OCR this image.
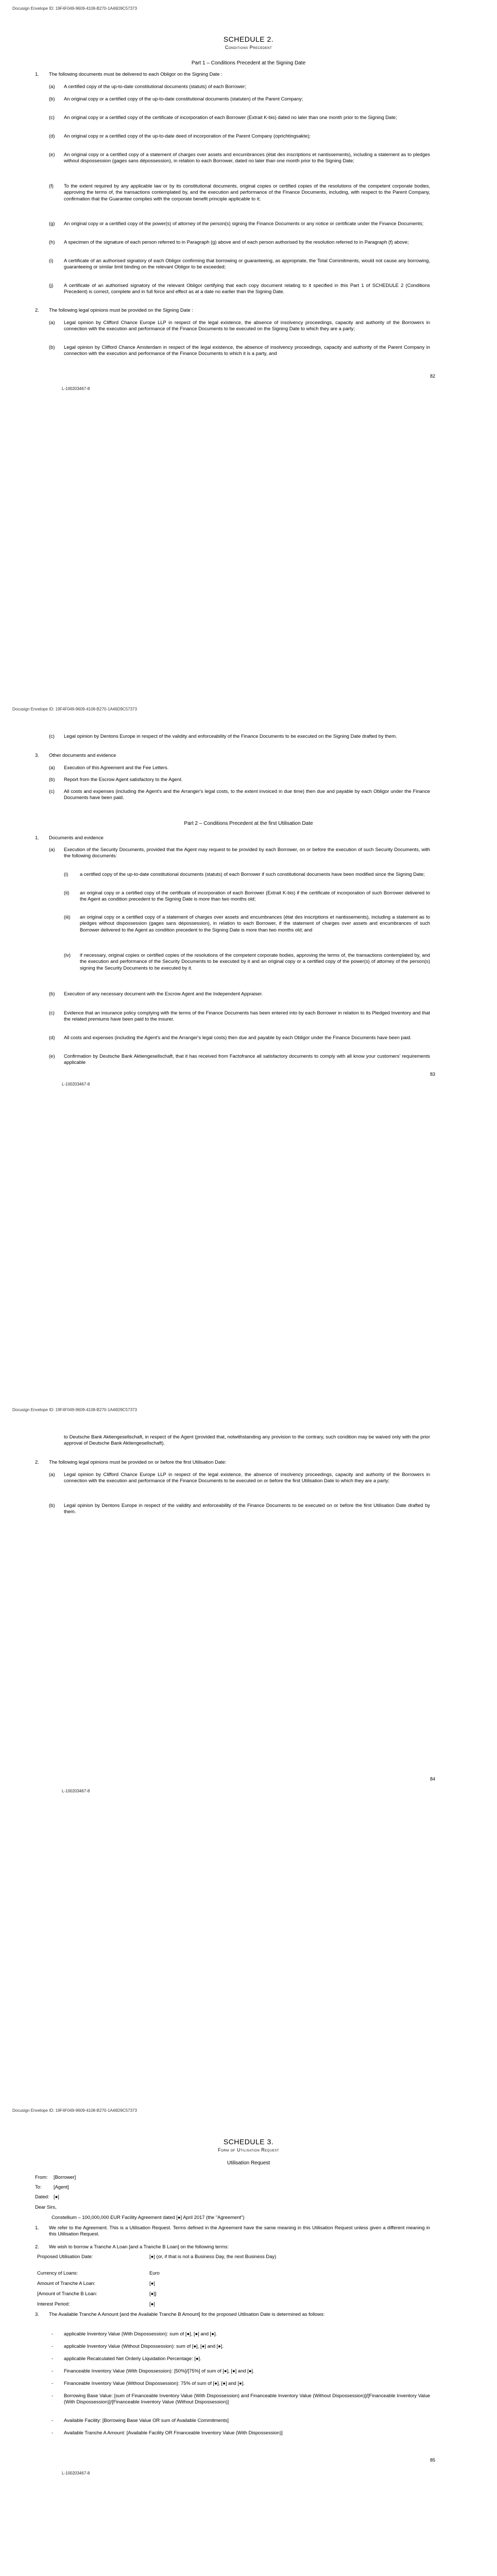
Docusign Envelope ID: 19F4F049-9609-4108-B270-1A46D9C57373
SCHEDULE 2.
Conditions Precedent
Part 1 – Conditions Precedent at the Signing Date
1. The following documents must be delivered to each Obligor on the Signing Date :
(a) A certified copy of the up-to-date constitutional documents (statuts) of each Borrower;
(b) An original copy or a certified copy of the up-to-date constitutional documents (statuten) of the Parent Company;
(c) An original copy or a certified copy of the certificate of incorporation of each Borrower (Extrait K-bis) dated no later than one month prior to the Signing Date;
(d) An original copy or a certified copy of the up-to-date deed of incorporation of the Parent Company (oprichtingsakte);
(e) An original copy or a certified copy of a statement of charges over assets and encumbrances (état des inscriptions et nantissements), including a statement as to pledges without dispossession (gages sans dépossession), in relation to each Borrower, dated no later than one month prior to the Signing Date;
(f) To the extent required by any applicable law or by its constitutional documents, original copies or certified copies of the resolutions of the competent corporate bodies, approving the terms of, the transactions contemplated by, and the execution and performance of the Finance Documents, including, with respect to the Parent Company, confirmation that the Guarantee complies with the corporate benefit principle applicable to it;
(g) An original copy or a certified copy of the power(s) of attorney of the person(s) signing the Finance Documents or any notice or certificate under the Finance Documents;
(h) A specimen of the signature of each person referred to in Paragraph (g) above and of each person authorised by the resolution referred to in Paragraph (f) above;
(i) A certificate of an authorised signatory of each Obligor confirming that borrowing or guaranteeing, as appropriate, the Total Commitments, would not cause any borrowing, guaranteeing or similar limit binding on the relevant Obligor to be exceeded;
(j) A certificate of an authorised signatory of the relevant Obligor certifying that each copy document relating to it specified in this Part 1 of SCHEDULE 2 (Conditions Precedent) is correct, complete and in full force and effect as at a date no earlier than the Signing Date.
2. The following legal opinions must be provided on the Signing Date :
(a) Legal opinion by Clifford Chance Europe LLP in respect of the legal existence, the absence of insolvency proceedings, capacity and authority of the Borrowers in connection with the execution and performance of the Finance Documents to be executed on the Signing Date to which they are a party;
(b) Legal opinion by Clifford Chance Amsterdam in respect of the legal existence, the absence of insolvency proceedings, capacity and authority of the Parent Company in connection with the execution and performance of the Finance Documents to which it is a party, and
82
L-100203467-8
Docusign Envelope ID: 19F4F049-9609-4108-B270-1A46D9C57373
(c) Legal opinion by Dentons Europe in respect of the validity and enforceability of the Finance Documents to be executed on the Signing Date drafted by them.
3. Other documents and evidence
(a) Execution of this Agreement and the Fee Letters.
(b) Report from the Escrow Agent satisfactory to the Agent.
(c) All costs and expenses (including the Agent's and the Arranger's legal costs, to the extent invoiced in due time) then due and payable by each Obligor under the Finance Documents have been paid.
Part 2 – Conditions Precedent at the first Utilisation Date
1. Documents and evidence
(a) Execution of the Security Documents, provided that the Agent may request to be provided by each Borrower, on or before the execution of such Security Documents, with the following documents:
(i) a certified copy of the up-to-date constitutional documents (statuts) of each Borrower if such constitutional documents have been modified since the Signing Date;
(ii) an original copy or a certified copy of the certificate of incorporation of each Borrower (Extrait K-bis) if the certificate of incorporation of such Borrower delivered to the Agent as condition precedent to the Signing Date is more than two months old;
(iii) an original copy or a certified copy of a statement of charges over assets and encumbrances (état des inscriptions et nantissements), including a statement as to pledges without dispossession (gages sans dépossession), in relation to each Borrower, if the statement of charges over assets and encumbrances of such Borrower delivered to the Agent as condition precedent to the Signing Date is more than two months old; and
(iv) if necessary, original copies or certified copies of the resolutions of the competent corporate bodies, approving the terms of, the transactions contemplated by, and the execution and performance of the Security Documents to be executed by it and an original copy or a certified copy of the power(s) of attorney of the person(s) signing the Security Documents to be executed by it.
(b) Execution of any necessary document with the Escrow Agent and the Independent Appraiser.
(c) Evidence that an insurance policy complying with the terms of the Finance Documents has been entered into by each Borrower in relation to its Pledged Inventory and that the related premiums have been paid to the insurer.
(d) All costs and expenses (including the Agent's and the Arranger's legal costs) then due and payable by each Obligor under the Finance Documents have been paid.
(e) Confirmation by Deutsche Bank Aktiengesellschaft, that it has received from Factofrance all satisfactory documents to comply with all know your customers' requirements applicable
83
L-100203467-8
Docusign Envelope ID: 19F4F049-9609-4108-B270-1A46D9C57373
to Deutsche Bank Aktiengesellschaft, in respect of the Agent (provided that, notwithstanding any provision to the contrary, such condition may be waived only with the prior approval of Deutsche Bank Aktiengesellschaft).
2. The following legal opinions must be provided on or before the first Utilisation Date:
(a) Legal opinion by Clifford Chance Europe LLP in respect of the legal existence, the absence of insolvency proceedings, capacity and authority of the Borrowers in connection with the execution and performance of the Finance Documents to be executed on or before the first Utilisation Date to which they are a party;
(b) Legal opinion by Dentons Europe in respect of the validity and enforceability of the Finance Documents to be executed on or before the first Utilisation Date drafted by them.
84
L-100203467-8
Docusign Envelope ID: 19F4F049-9609-4108-B270-1A46D9C57373
SCHEDULE 3.
Form of Utilisation Request
Utilisation Request
From: [Borrower]
To: [Agent]
Dated: [●]
Dear Sirs,
Constellium – 100,000,000 EUR Facility Agreement dated [●] April 2017 (the "Agreement")
1. We refer to the Agreement. This is a Utilisation Request. Terms defined in the Agreement have the same meaning in this Utilisation Request unless given a different meaning in this Utilisation Request.
2. We wish to borrow a Tranche A Loan [and a Tranche B Loan] on the following terms:
Proposed Utilisation Date:	[●] (or, if that is not a Business Day, the next Business Day)
Currency of Loans:	Euro
Amount of Tranche A Loan:	[●]
[Amount of Tranche B Loan:	[●]]
Interest Period:	[●]
3. The Available Tranche A Amount [and the Available Tranche B Amount] for the proposed Utilisation Date is determined as follows:
- applicable Inventory Value (With Dispossession): sum of [●], [●] and [●].
- applicable Inventory Value (Without Dispossession): sum of [●], [●] and [●].
- applicable Recalculated Net Orderly Liquidation Percentage: [●].
- Financeable Inventory Value (With Dispossession): [50%]/[75%] of sum of [●], [●] and [●].
- Financeable Inventory Value (Without Dispossession): 75% of sum of [●], [●] and [●].
- Borrowing Base Value: [sum of Financeable Inventory Value (With Dispossession) and Financeable Inventory Value (Without Dispossession)]/[Financeable Inventory Value (With Dispossession)]/[Financeable Inventory Value (Without Dispossession)]
- Available Facility: [Borrowing Base Value OR sum of Available Commitments]
- Available Tranche A Amount: [Available Facility OR Financeable Inventory Value (With Dispossession)]
85
L-100203467-8
